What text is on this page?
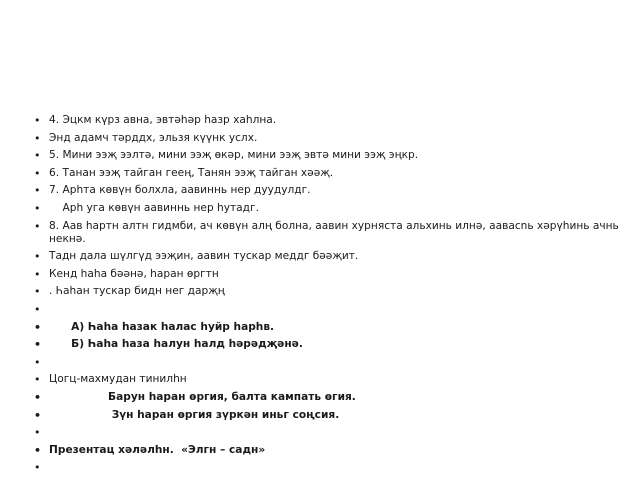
• 4. Эцкм күрз авна, эвтәһәр һазр хаһлна.
• Энд адамч тәрддх, эльзя күүнк услх.
• 5. Мини ээҗ ээлтә, мини ээҗ өкәр, мини ээҗ эвтә мини ээҗ эңкр.
• 6. Танан ээҗ тайган геең, Танян ээҗ тайган хәәҗ.
• 7. Арһта көвүн болхла, аавиннь нер дуудулдг.
•     Арһ уга көвүн аавиннь нер һутадг.
• 8. Аав һартн алтн гидмби, ач көвүн алң болна, аавин хурняста альхинь илнә, аавасnь хәрүһинь ачнь некнә.
• Тадн дала шүлгүд ээҗин, аавин тускар меддг бәәҗит.
• Кенд һаһа бәәнә, һаран өргтн
• . Һаһан тускар бидн нег дарҗң
•
•       А) Һаһа һазак һалас һуйр һарһв.
•       Б) Һаһа һаза һалун һалд һәрәдҗәнә.
•
• Цогц-махмудан тинилһн
•                 Барун һаран өргия, балта кампать өгия.
•                  Зүн һаран өргия зүркән иньг соңсия.
•
• Презентац хәләлһн.  «Элгн – садн»
•
